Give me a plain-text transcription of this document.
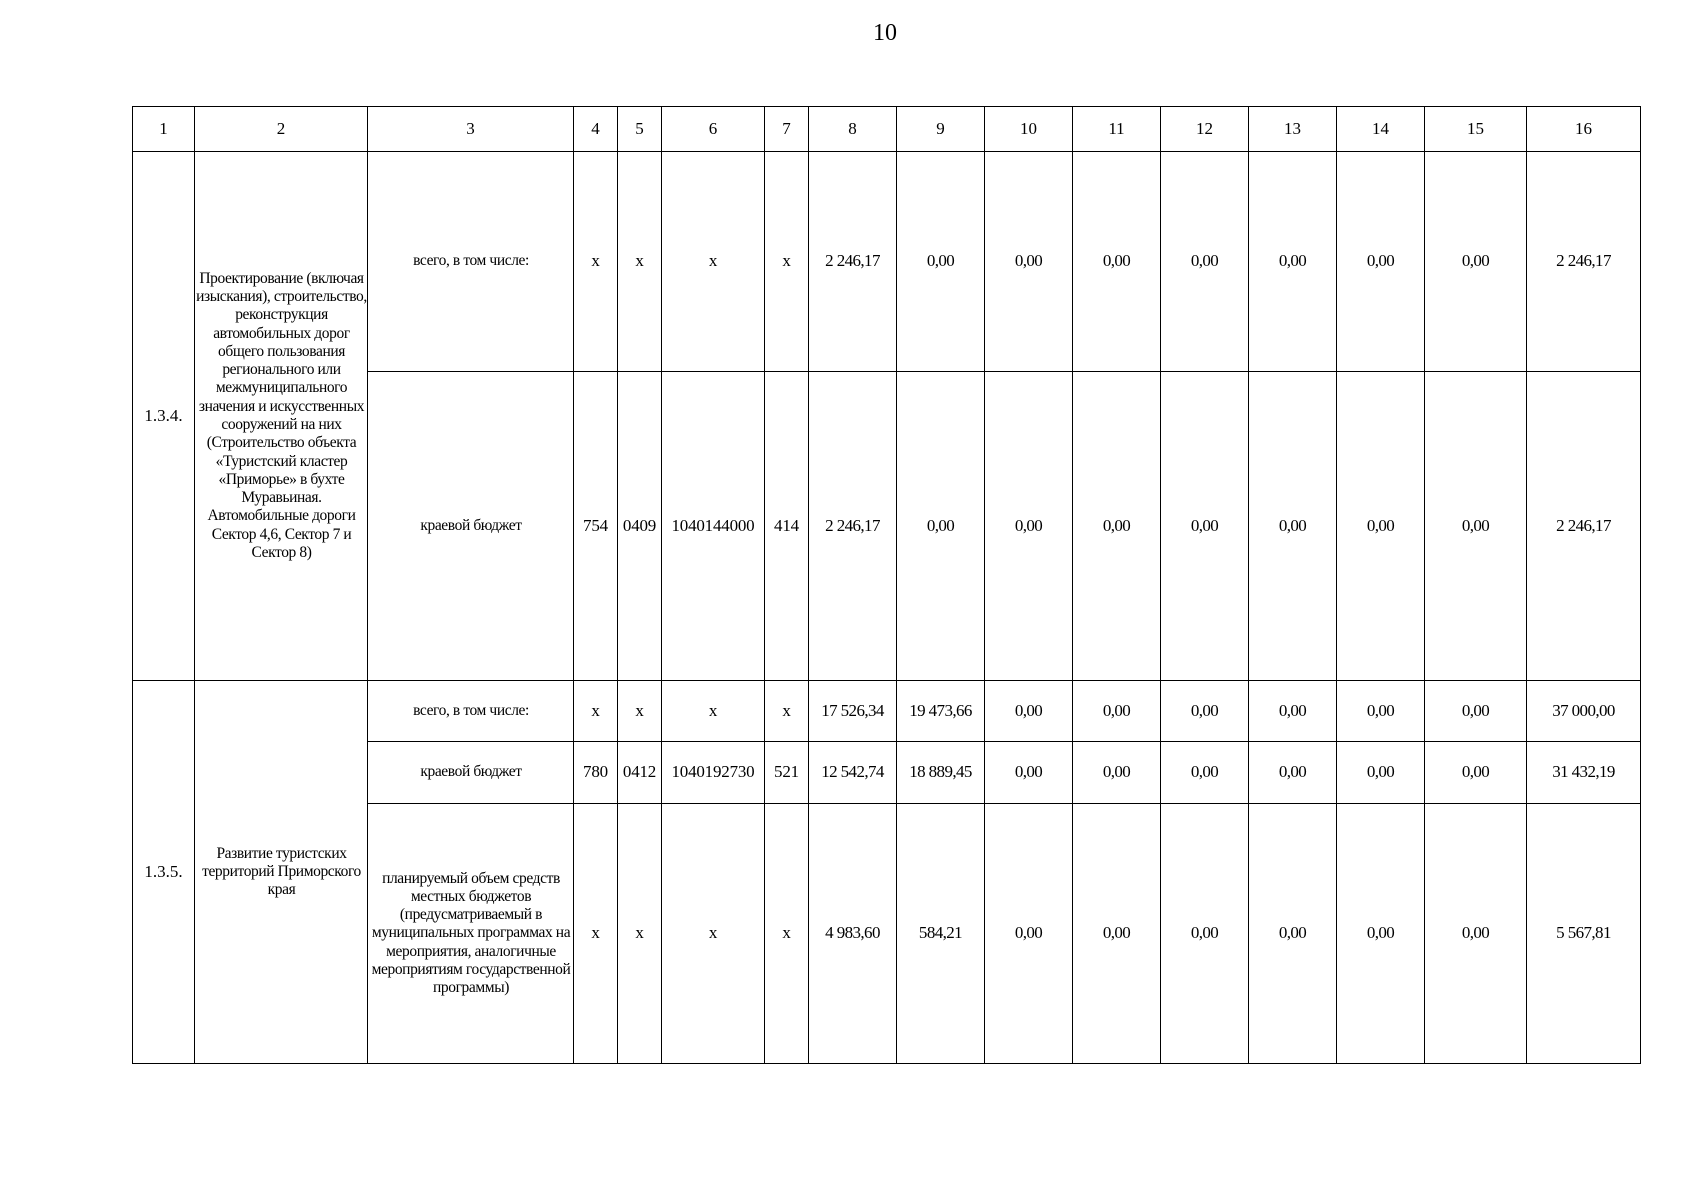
10
1	2	3	4	5	6	7	8	9	10	11	12	13	14	15	16
1.3.4.	Проектирование (включая изыскания), строительство, реконструкция автомобильных дорог общего пользования регионального или межмуниципального значения и искусственных сооружений на них (Строительство объекта «Туристский кластер «Приморье» в бухте Муравьиная. Автомобильные дороги Сектор 4,6, Сектор 7 и Сектор 8)	всего, в том числе:	x	x	x	x	2 246,17	0,00	0,00	0,00	0,00	0,00	0,00	0,00	2 246,17
		краевой бюджет	754	0409	1040144000	414	2 246,17	0,00	0,00	0,00	0,00	0,00	0,00	0,00	2 246,17
1.3.5.	Развитие туристских территорий Приморского края	всего, в том числе:	x	x	x	x	17 526,34	19 473,66	0,00	0,00	0,00	0,00	0,00	0,00	37 000,00
		краевой бюджет	780	0412	1040192730	521	12 542,74	18 889,45	0,00	0,00	0,00	0,00	0,00	0,00	31 432,19
		планируемый объем средств местных бюджетов (предусматриваемый в муниципальных программах на мероприятия, аналогичные мероприятиям государственной программы)	x	x	x	x	4 983,60	584,21	0,00	0,00	0,00	0,00	0,00	0,00	5 567,81
